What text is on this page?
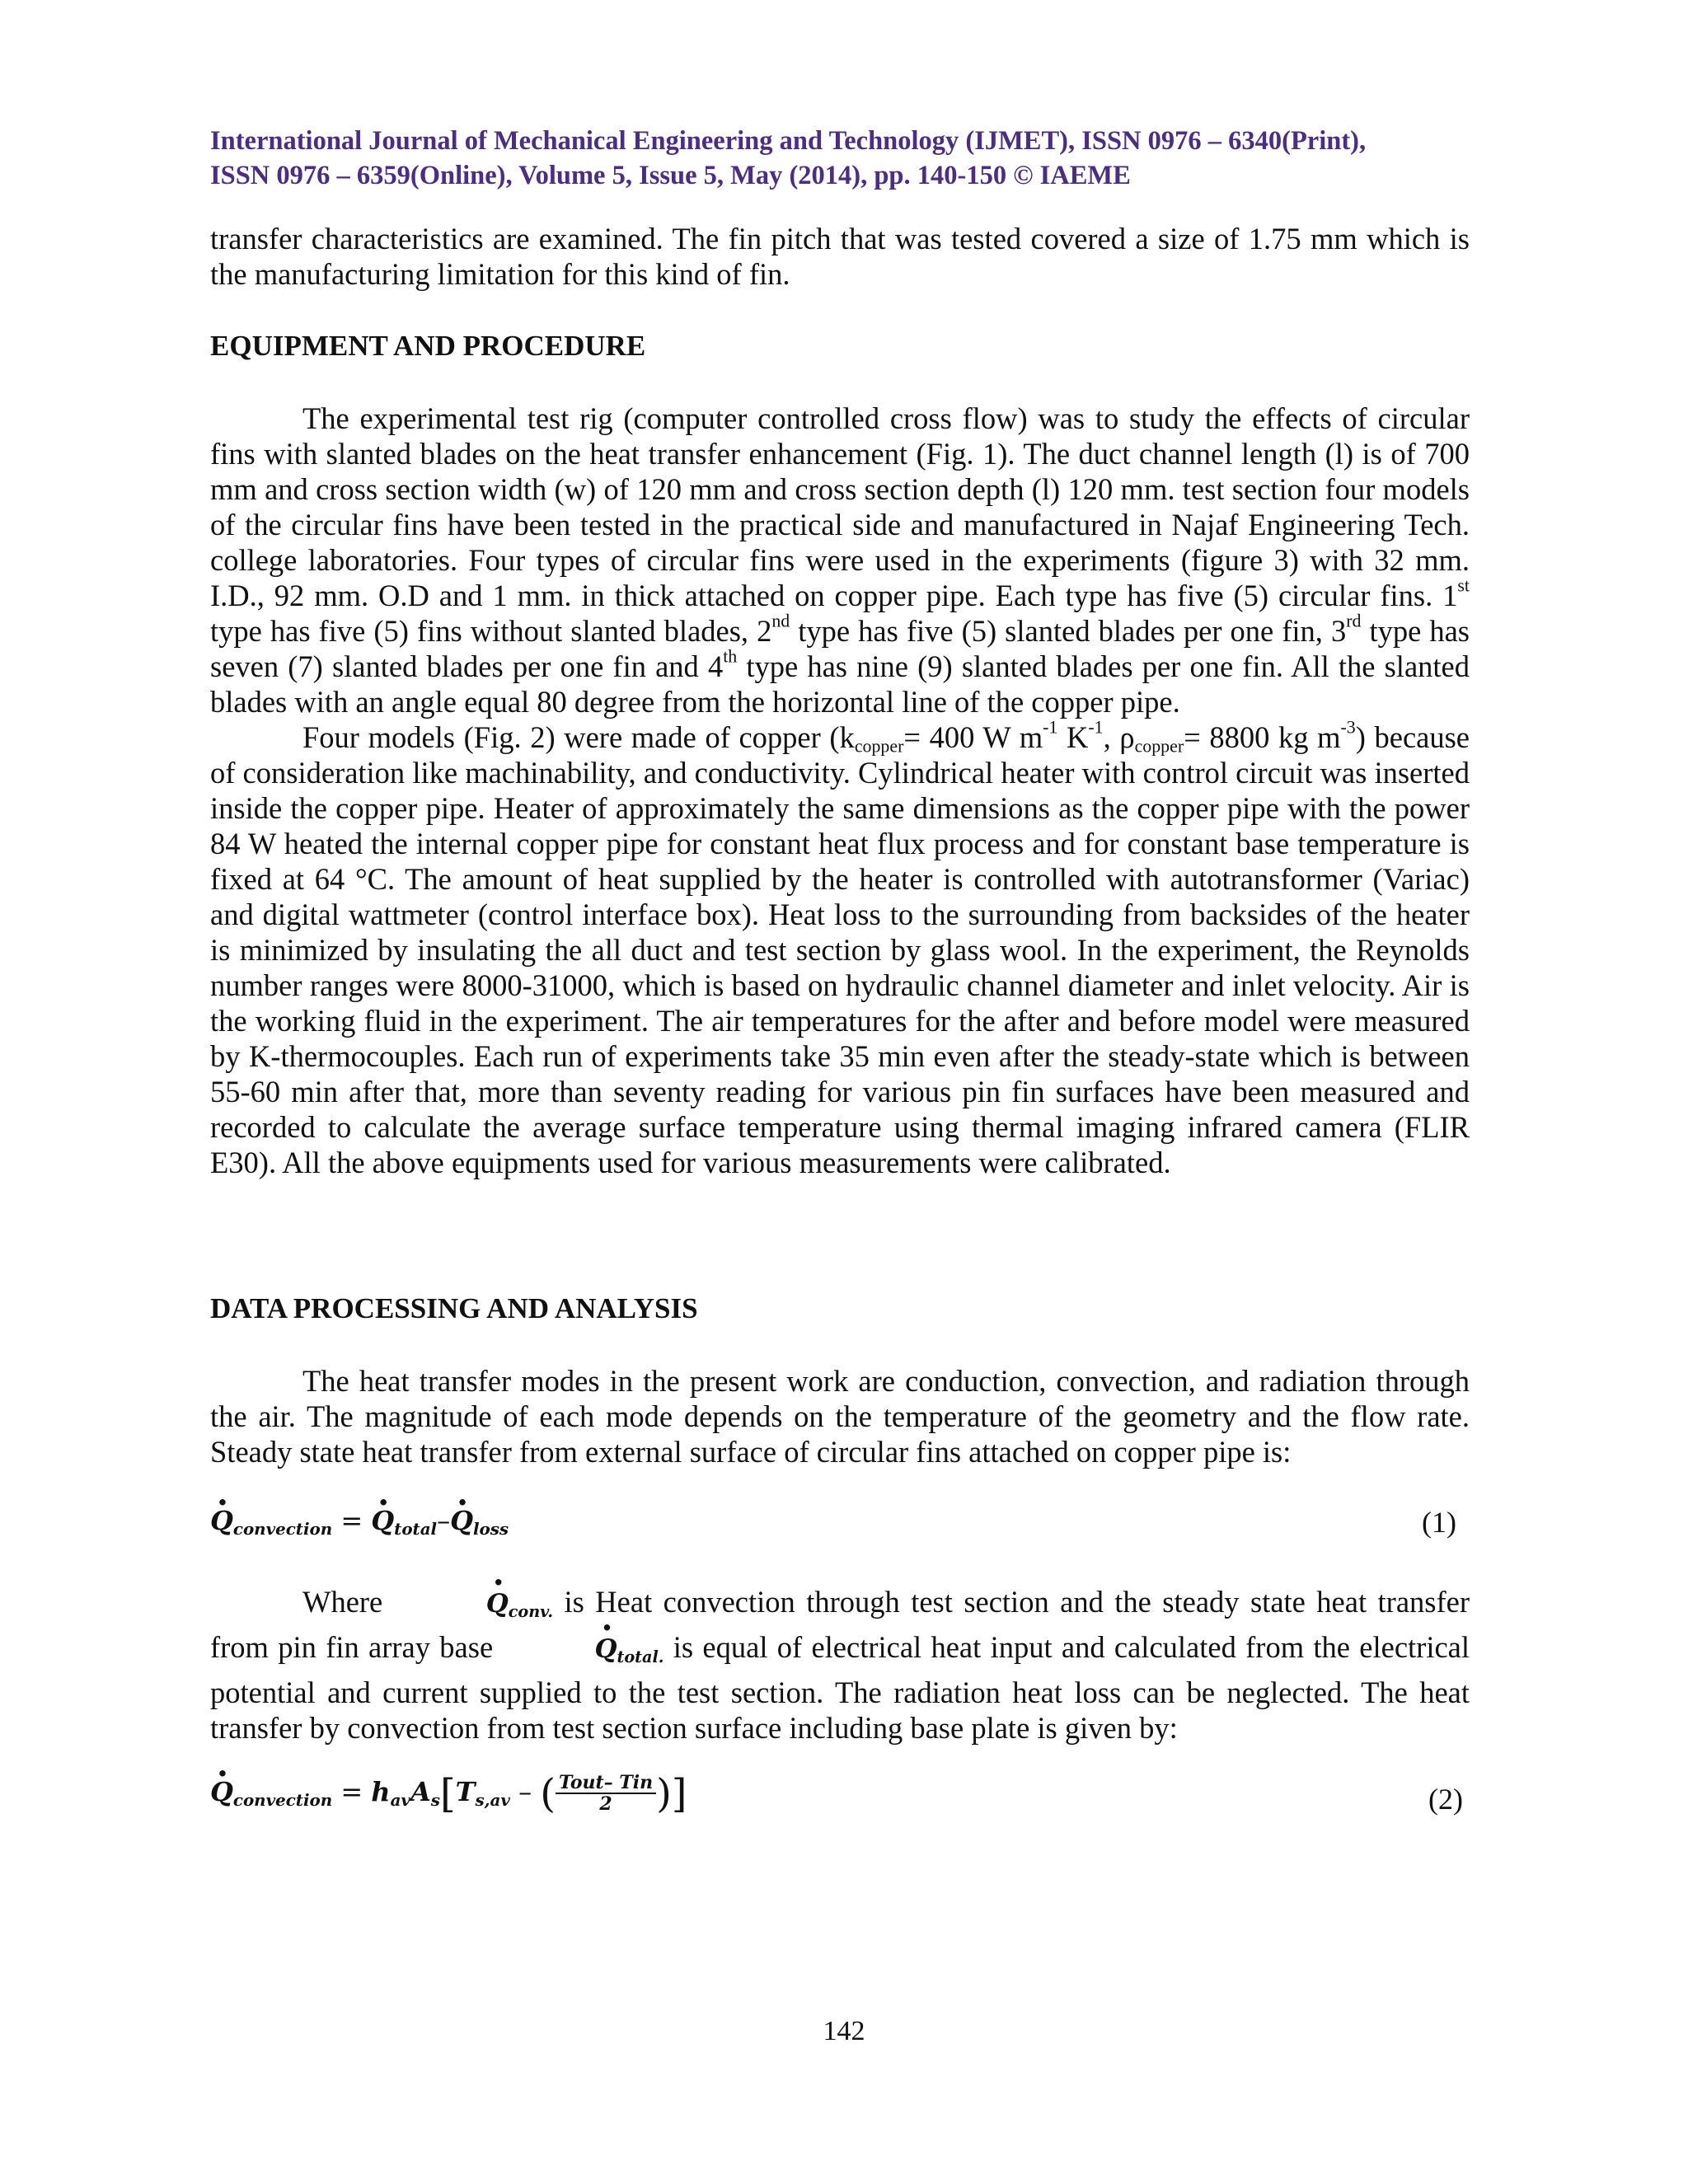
International Journal of Mechanical Engineering and Technology (IJMET), ISSN 0976 – 6340(Print),
ISSN 0976 – 6359(Online), Volume 5, Issue 5, May (2014), pp. 140-150 © IAEME

transfer characteristics are examined. The fin pitch that was tested covered a size of 1.75 mm which is the manufacturing limitation for this kind of fin.

EQUIPMENT AND PROCEDURE

The experimental test rig (computer controlled cross flow) was to study the effects of circular fins with slanted blades on the heat transfer enhancement (Fig. 1). The duct channel length (l) is of 700 mm and cross section width (w) of 120 mm and cross section depth (l) 120 mm. test section four models of the circular fins have been tested in the practical side and manufactured in Najaf Engineering Tech. college laboratories. Four types of circular fins were used in the experiments (figure 3) with 32 mm. I.D., 92 mm. O.D and 1 mm. in thick attached on copper pipe. Each type has five (5) circular fins. 1st type has five (5) fins without slanted blades, 2nd type has five (5) slanted blades per one fin, 3rd type has seven (7) slanted blades per one fin and 4th type has nine (9) slanted blades per one fin. All the slanted blades with an angle equal 80 degree from the horizontal line of the copper pipe.

Four models (Fig. 2) were made of copper ($k_{copper}= 400$ W $m^{-1}$ $K^{-1}$, $\rho_{copper}= 8800$ kg $m^{-3}$) because of consideration like machinability, and conductivity. Cylindrical heater with control circuit was inserted inside the copper pipe. Heater of approximately the same dimensions as the copper pipe with the power 84 W heated the internal copper pipe for constant heat flux process and for constant base temperature is fixed at 64 °C. The amount of heat supplied by the heater is controlled with autotransformer (Variac) and digital wattmeter (control interface box). Heat loss to the surrounding from backsides of the heater is minimized by insulating the all duct and test section by glass wool. In the experiment, the Reynolds number ranges were 8000-31000, which is based on hydraulic channel diameter and inlet velocity. Air is the working fluid in the experiment. The air temperatures for the after and before model were measured by K-thermocouples. Each run of experiments take 35 min even after the steady-state which is between 55-60 min after that, more than seventy reading for various pin fin surfaces have been measured and recorded to calculate the average surface temperature using thermal imaging infrared camera (FLIR E30). All the above equipments used for various measurements were calibrated.

DATA PROCESSING AND ANALYSIS

The heat transfer modes in the present work are conduction, convection, and radiation through the air. The magnitude of each mode depends on the temperature of the geometry and the flow rate. Steady state heat transfer from external surface of circular fins attached on copper pipe is:

· Qconvection = · Qtotal–· Qloss	(1)

Where	· Qconv. is Heat convection through test section and the steady state heat transfer from pin fin array base	· Qtotal. is equal of electrical heat input and calculated from the electrical potential and current supplied to the test section. The radiation heat loss can be neglected. The heat transfer by convection from test section surface including base plate is given by:

· Qconvection = havAs[Ts,av – ( $\frac{\text{Tout– Tin}}{2}$ )]	(2)
142
